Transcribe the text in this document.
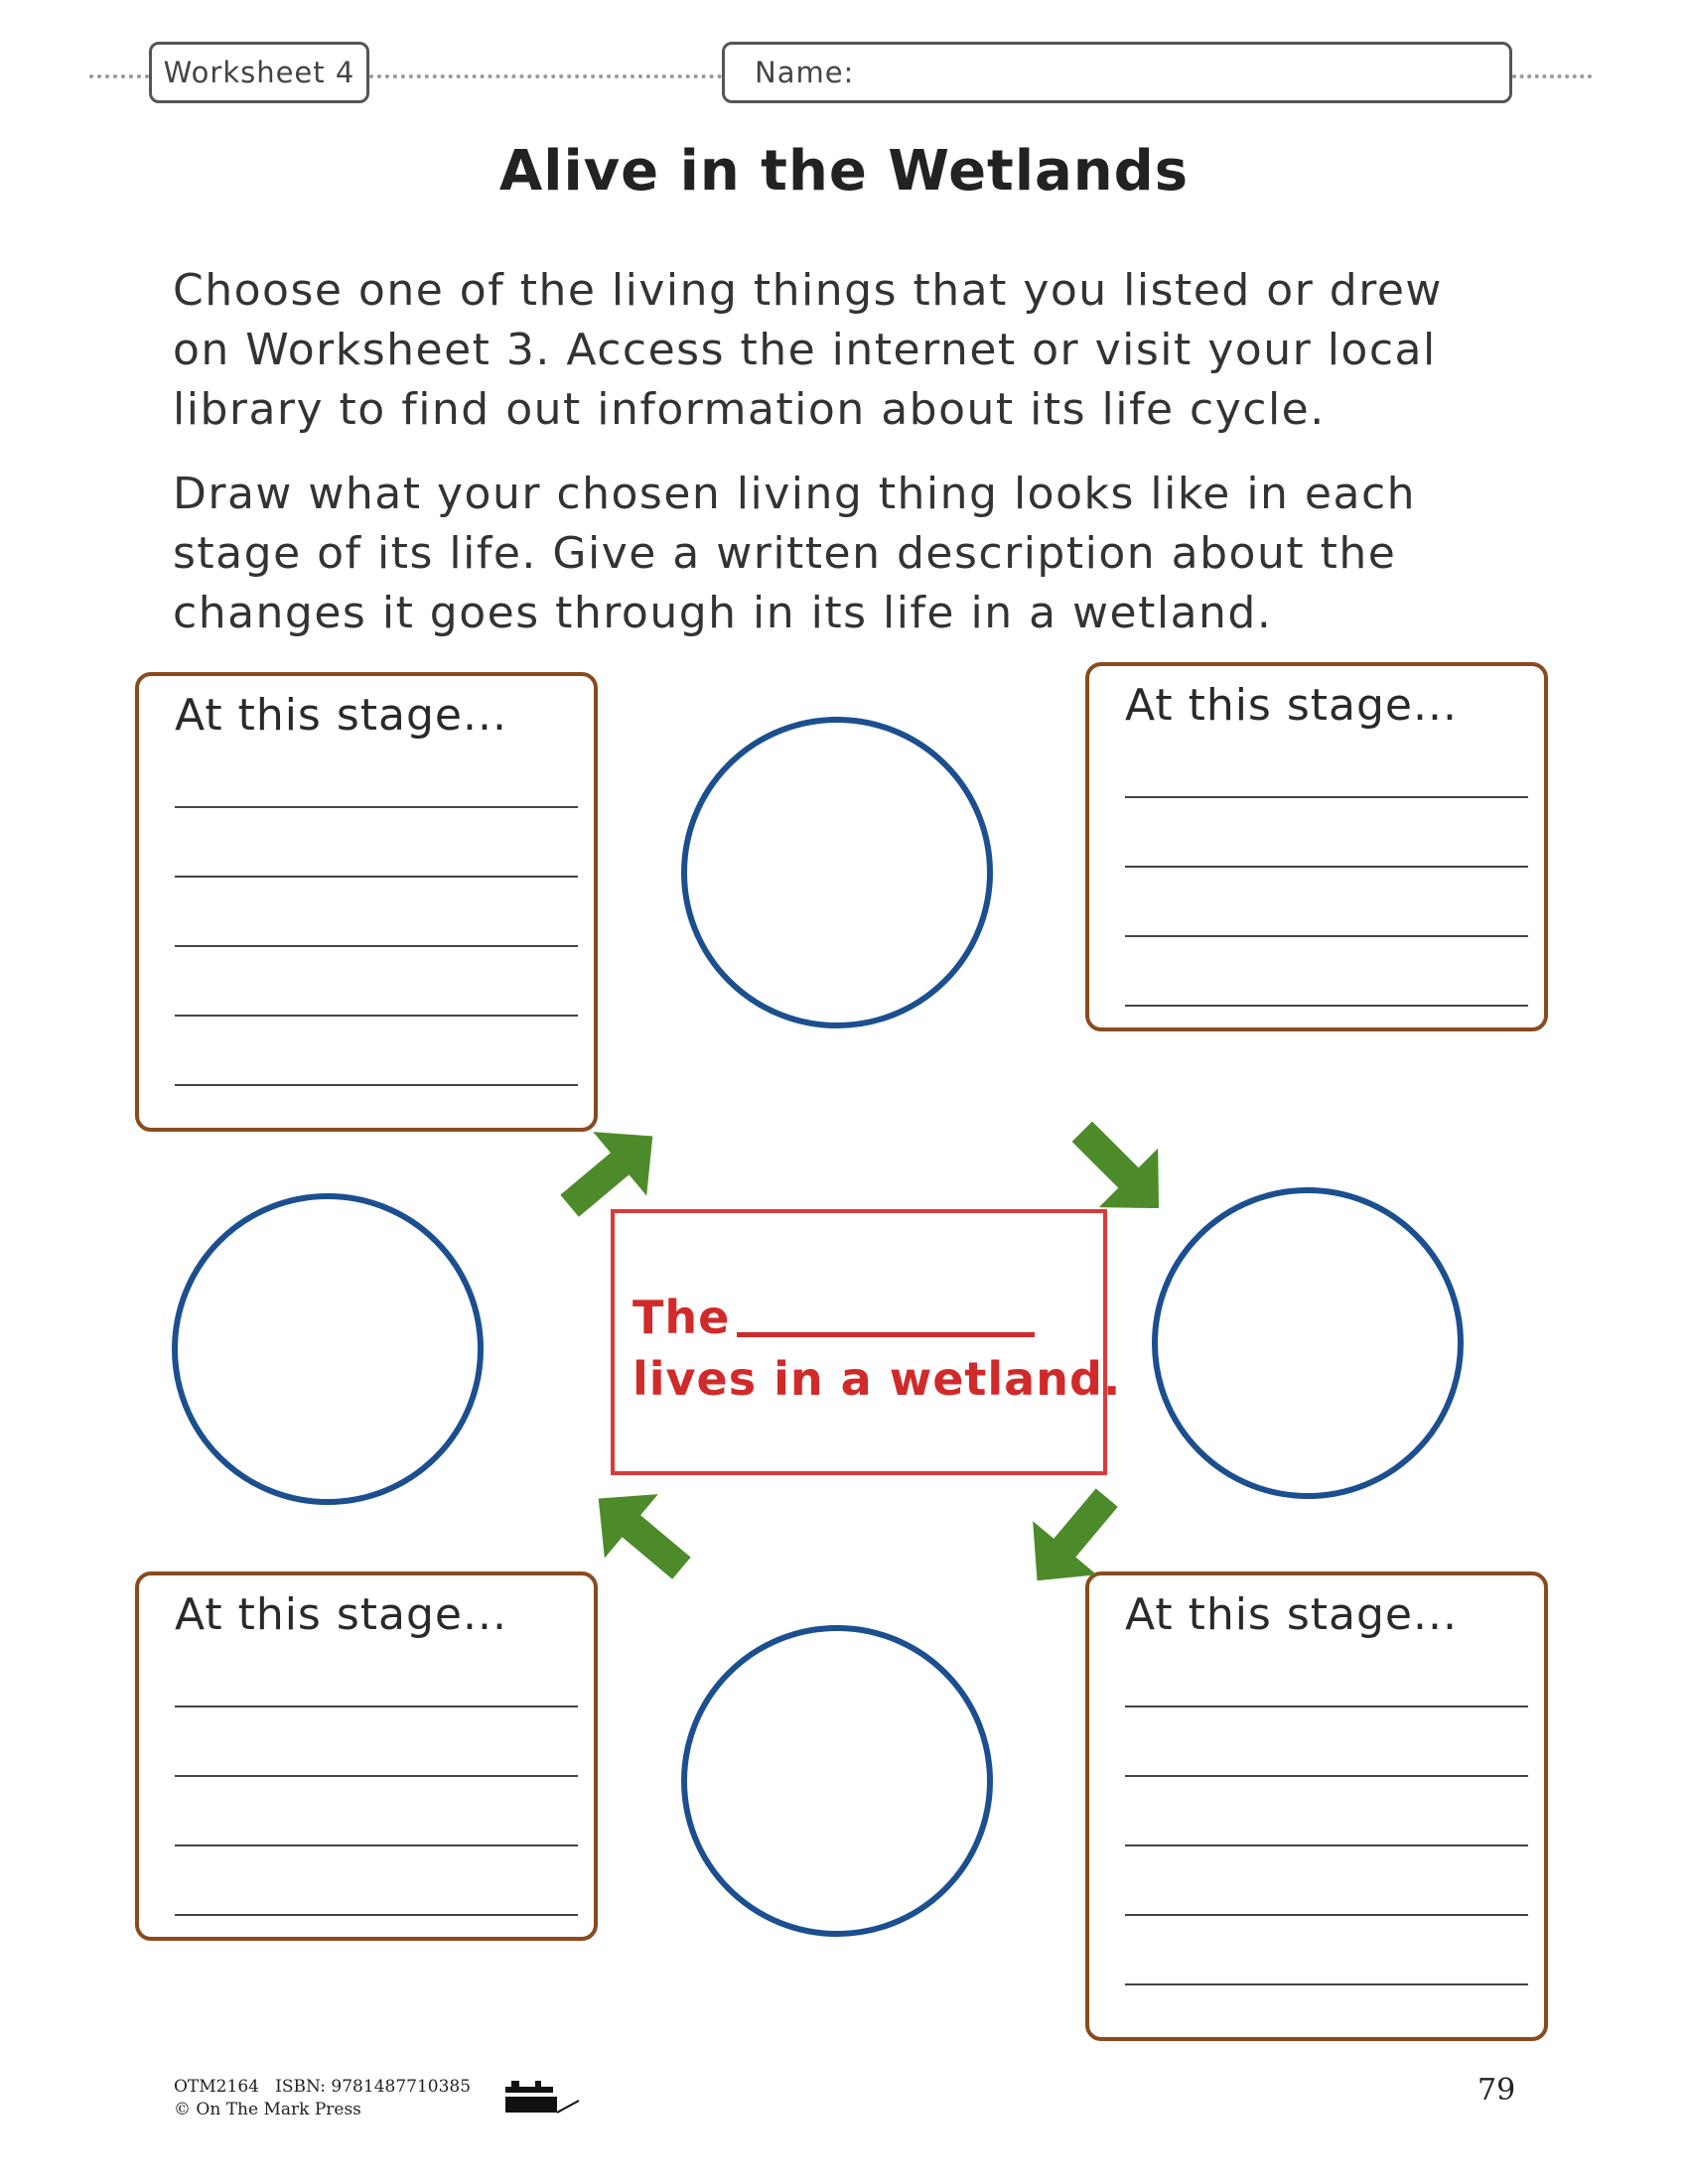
Worksheet 4	Name:
Alive in the Wetlands

Choose one of the living things that you listed or drew on Worksheet 3. Access the internet or visit your local library to find out information about its life cycle.

Draw what your chosen living thing looks like in each stage of its life. Give a written description about the changes it goes through in its life in a wetland.

At this stage...	At this stage...
At this stage...	At this stage...
The
lives in a wetland.
OTM2164 ISBN: 9781487710385
© On The Mark Press
79
